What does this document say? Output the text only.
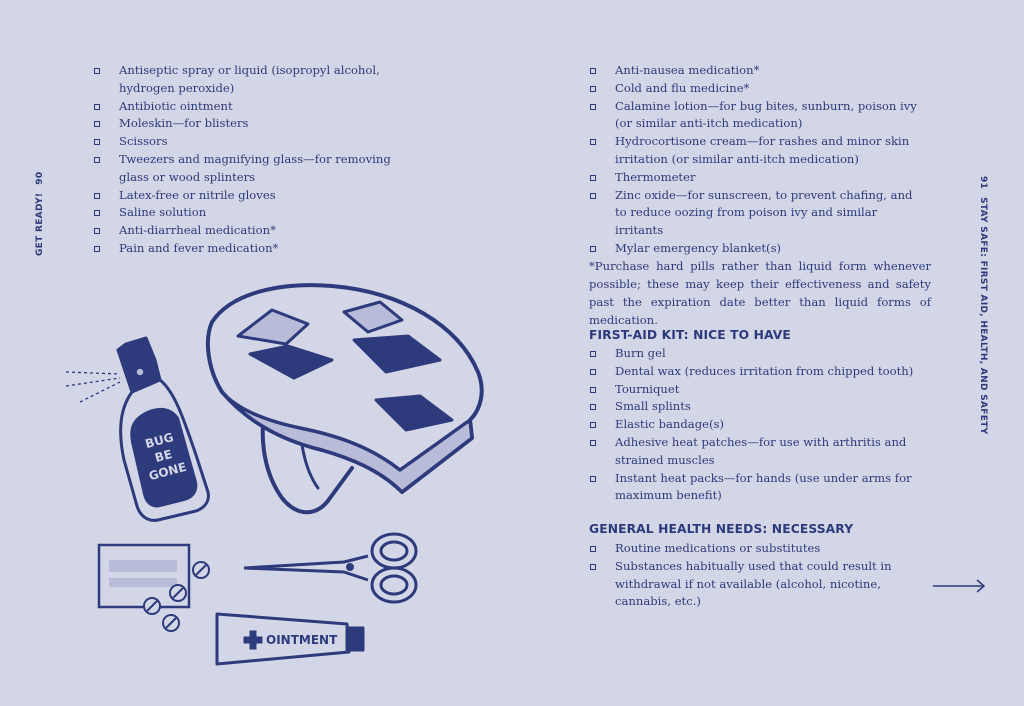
GET READY!90	91STAY SAFE: FIRST AID, HEALTH, AND SAFETY
Antiseptic spray or liquid (isopropyl alcohol, hydrogen peroxide)
Antibiotic ointment
Moleskin—for blisters
Scissors
Tweezers and magnifying glass—for removing glass or wood splinters
Latex-free or nitrile gloves
Saline solution
Anti-diarrheal medication*
Pain and fever medication*
Anti-nausea medication*
Cold and flu medicine*
Calamine lotion—for bug bites, sunburn, poison ivy (or similar anti-itch medication)
Hydrocortisone cream—for rashes and minor skin irritation (or similar anti-itch medication)
Thermometer
Zinc oxide—for sunscreen, to prevent chafing, and to reduce oozing from poison ivy and similar irritants
Mylar emergency blanket(s)

*Purchase hard pills rather than liquid form whenever possible; these may keep their effectiveness and safety past the expiration date better than liquid forms of medication.

FIRST-AID KIT: NICE TO HAVE
Burn gel
Dental wax (reduces irritation from chipped tooth)
Tourniquet
Small splints
Elastic bandage(s)
Adhesive heat patches—for use with arthritis and strained muscles
Instant heat packs—for hands (use under arms for maximum benefit)
GENERAL HEALTH NEEDS: NECESSARY
Routine medications or substitutes
Substances habitually used that could result in withdrawal if not available (alcohol, nicotine, cannabis, etc.)
BUG
BE
GONE
OINTMENT
